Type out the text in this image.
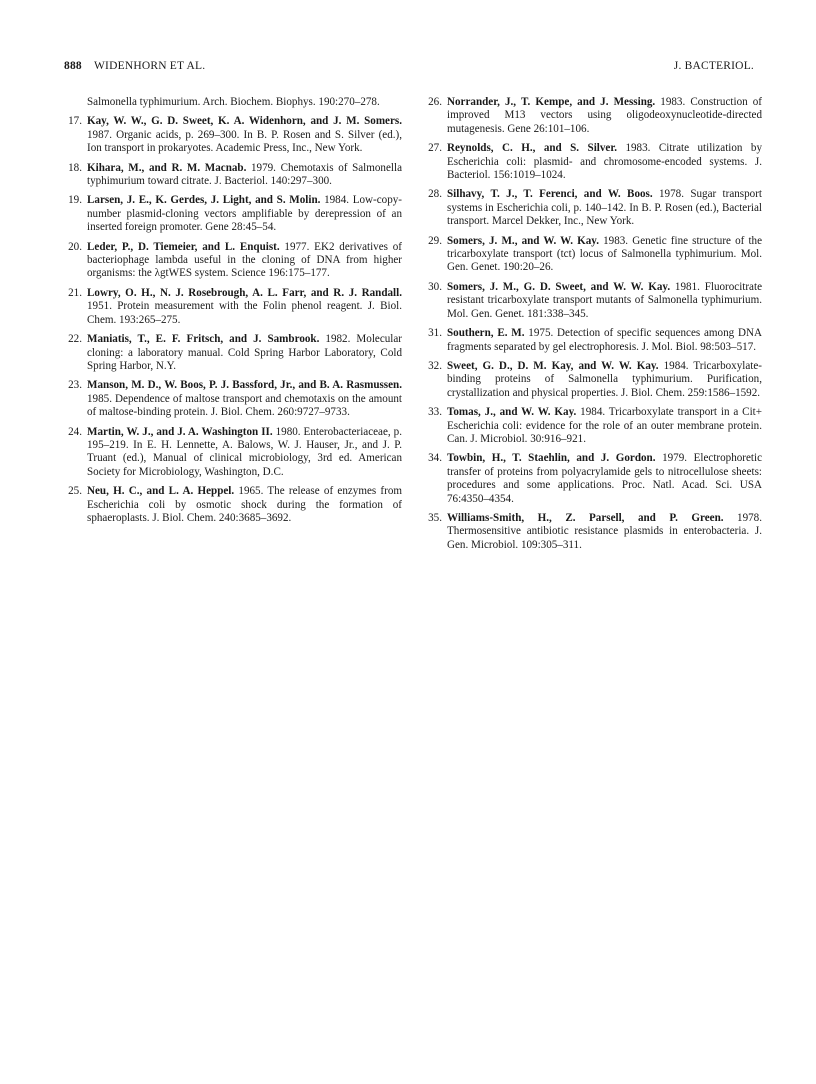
888 WIDENHORN ET AL.	J. BACTERIOL.

Salmonella typhimurium. Arch. Biochem. Biophys. 190:270–278.

17. Kay, W. W., G. D. Sweet, K. A. Widenhorn, and J. M. Somers. 1987. Organic acids, p. 269–300. In B. P. Rosen and S. Silver (ed.), Ion transport in prokaryotes. Academic Press, Inc., New York.

18. Kihara, M., and R. M. Macnab. 1979. Chemotaxis of Salmonella typhimurium toward citrate. J. Bacteriol. 140:297–300.

19. Larsen, J. E., K. Gerdes, J. Light, and S. Molin. 1984. Low-copy-number plasmid-cloning vectors amplifiable by derepression of an inserted foreign promoter. Gene 28:45–54.

20. Leder, P., D. Tiemeier, and L. Enquist. 1977. EK2 derivatives of bacteriophage lambda useful in the cloning of DNA from higher organisms: the λgtWES system. Science 196:175–177.

21. Lowry, O. H., N. J. Rosebrough, A. L. Farr, and R. J. Randall. 1951. Protein measurement with the Folin phenol reagent. J. Biol. Chem. 193:265–275.

22. Maniatis, T., E. F. Fritsch, and J. Sambrook. 1982. Molecular cloning: a laboratory manual. Cold Spring Harbor Laboratory, Cold Spring Harbor, N.Y.

23. Manson, M. D., W. Boos, P. J. Bassford, Jr., and B. A. Rasmussen. 1985. Dependence of maltose transport and chemotaxis on the amount of maltose-binding protein. J. Biol. Chem. 260:9727–9733.

24. Martin, W. J., and J. A. Washington II. 1980. Enterobacteriaceae, p. 195–219. In E. H. Lennette, A. Balows, W. J. Hauser, Jr., and J. P. Truant (ed.), Manual of clinical microbiology, 3rd ed. American Society for Microbiology, Washington, D.C.

25. Neu, H. C., and L. A. Heppel. 1965. The release of enzymes from Escherichia coli by osmotic shock during the formation of sphaeroplasts. J. Biol. Chem. 240:3685–3692.

26. Norrander, J., T. Kempe, and J. Messing. 1983. Construction of improved M13 vectors using oligodeoxynucleotide-directed mutagenesis. Gene 26:101–106.

27. Reynolds, C. H., and S. Silver. 1983. Citrate utilization by Escherichia coli: plasmid- and chromosome-encoded systems. J. Bacteriol. 156:1019–1024.

28. Silhavy, T. J., T. Ferenci, and W. Boos. 1978. Sugar transport systems in Escherichia coli, p. 140–142. In B. P. Rosen (ed.), Bacterial transport. Marcel Dekker, Inc., New York.

29. Somers, J. M., and W. W. Kay. 1983. Genetic fine structure of the tricarboxylate transport (tct) locus of Salmonella typhimurium. Mol. Gen. Genet. 190:20–26.

30. Somers, J. M., G. D. Sweet, and W. W. Kay. 1981. Fluorocitrate resistant tricarboxylate transport mutants of Salmonella typhimurium. Mol. Gen. Genet. 181:338–345.

31. Southern, E. M. 1975. Detection of specific sequences among DNA fragments separated by gel electrophoresis. J. Mol. Biol. 98:503–517.

32. Sweet, G. D., D. M. Kay, and W. W. Kay. 1984. Tricarboxylate-binding proteins of Salmonella typhimurium. Purification, crystallization and physical properties. J. Biol. Chem. 259:1586–1592.

33. Tomas, J., and W. W. Kay. 1984. Tricarboxylate transport in a Cit+ Escherichia coli: evidence for the role of an outer membrane protein. Can. J. Microbiol. 30:916–921.

34. Towbin, H., T. Staehlin, and J. Gordon. 1979. Electrophoretic transfer of proteins from polyacrylamide gels to nitrocellulose sheets: procedures and some applications. Proc. Natl. Acad. Sci. USA 76:4350–4354.

35. Williams-Smith, H., Z. Parsell, and P. Green. 1978. Thermosensitive antibiotic resistance plasmids in enterobacteria. J. Gen. Microbiol. 109:305–311.
